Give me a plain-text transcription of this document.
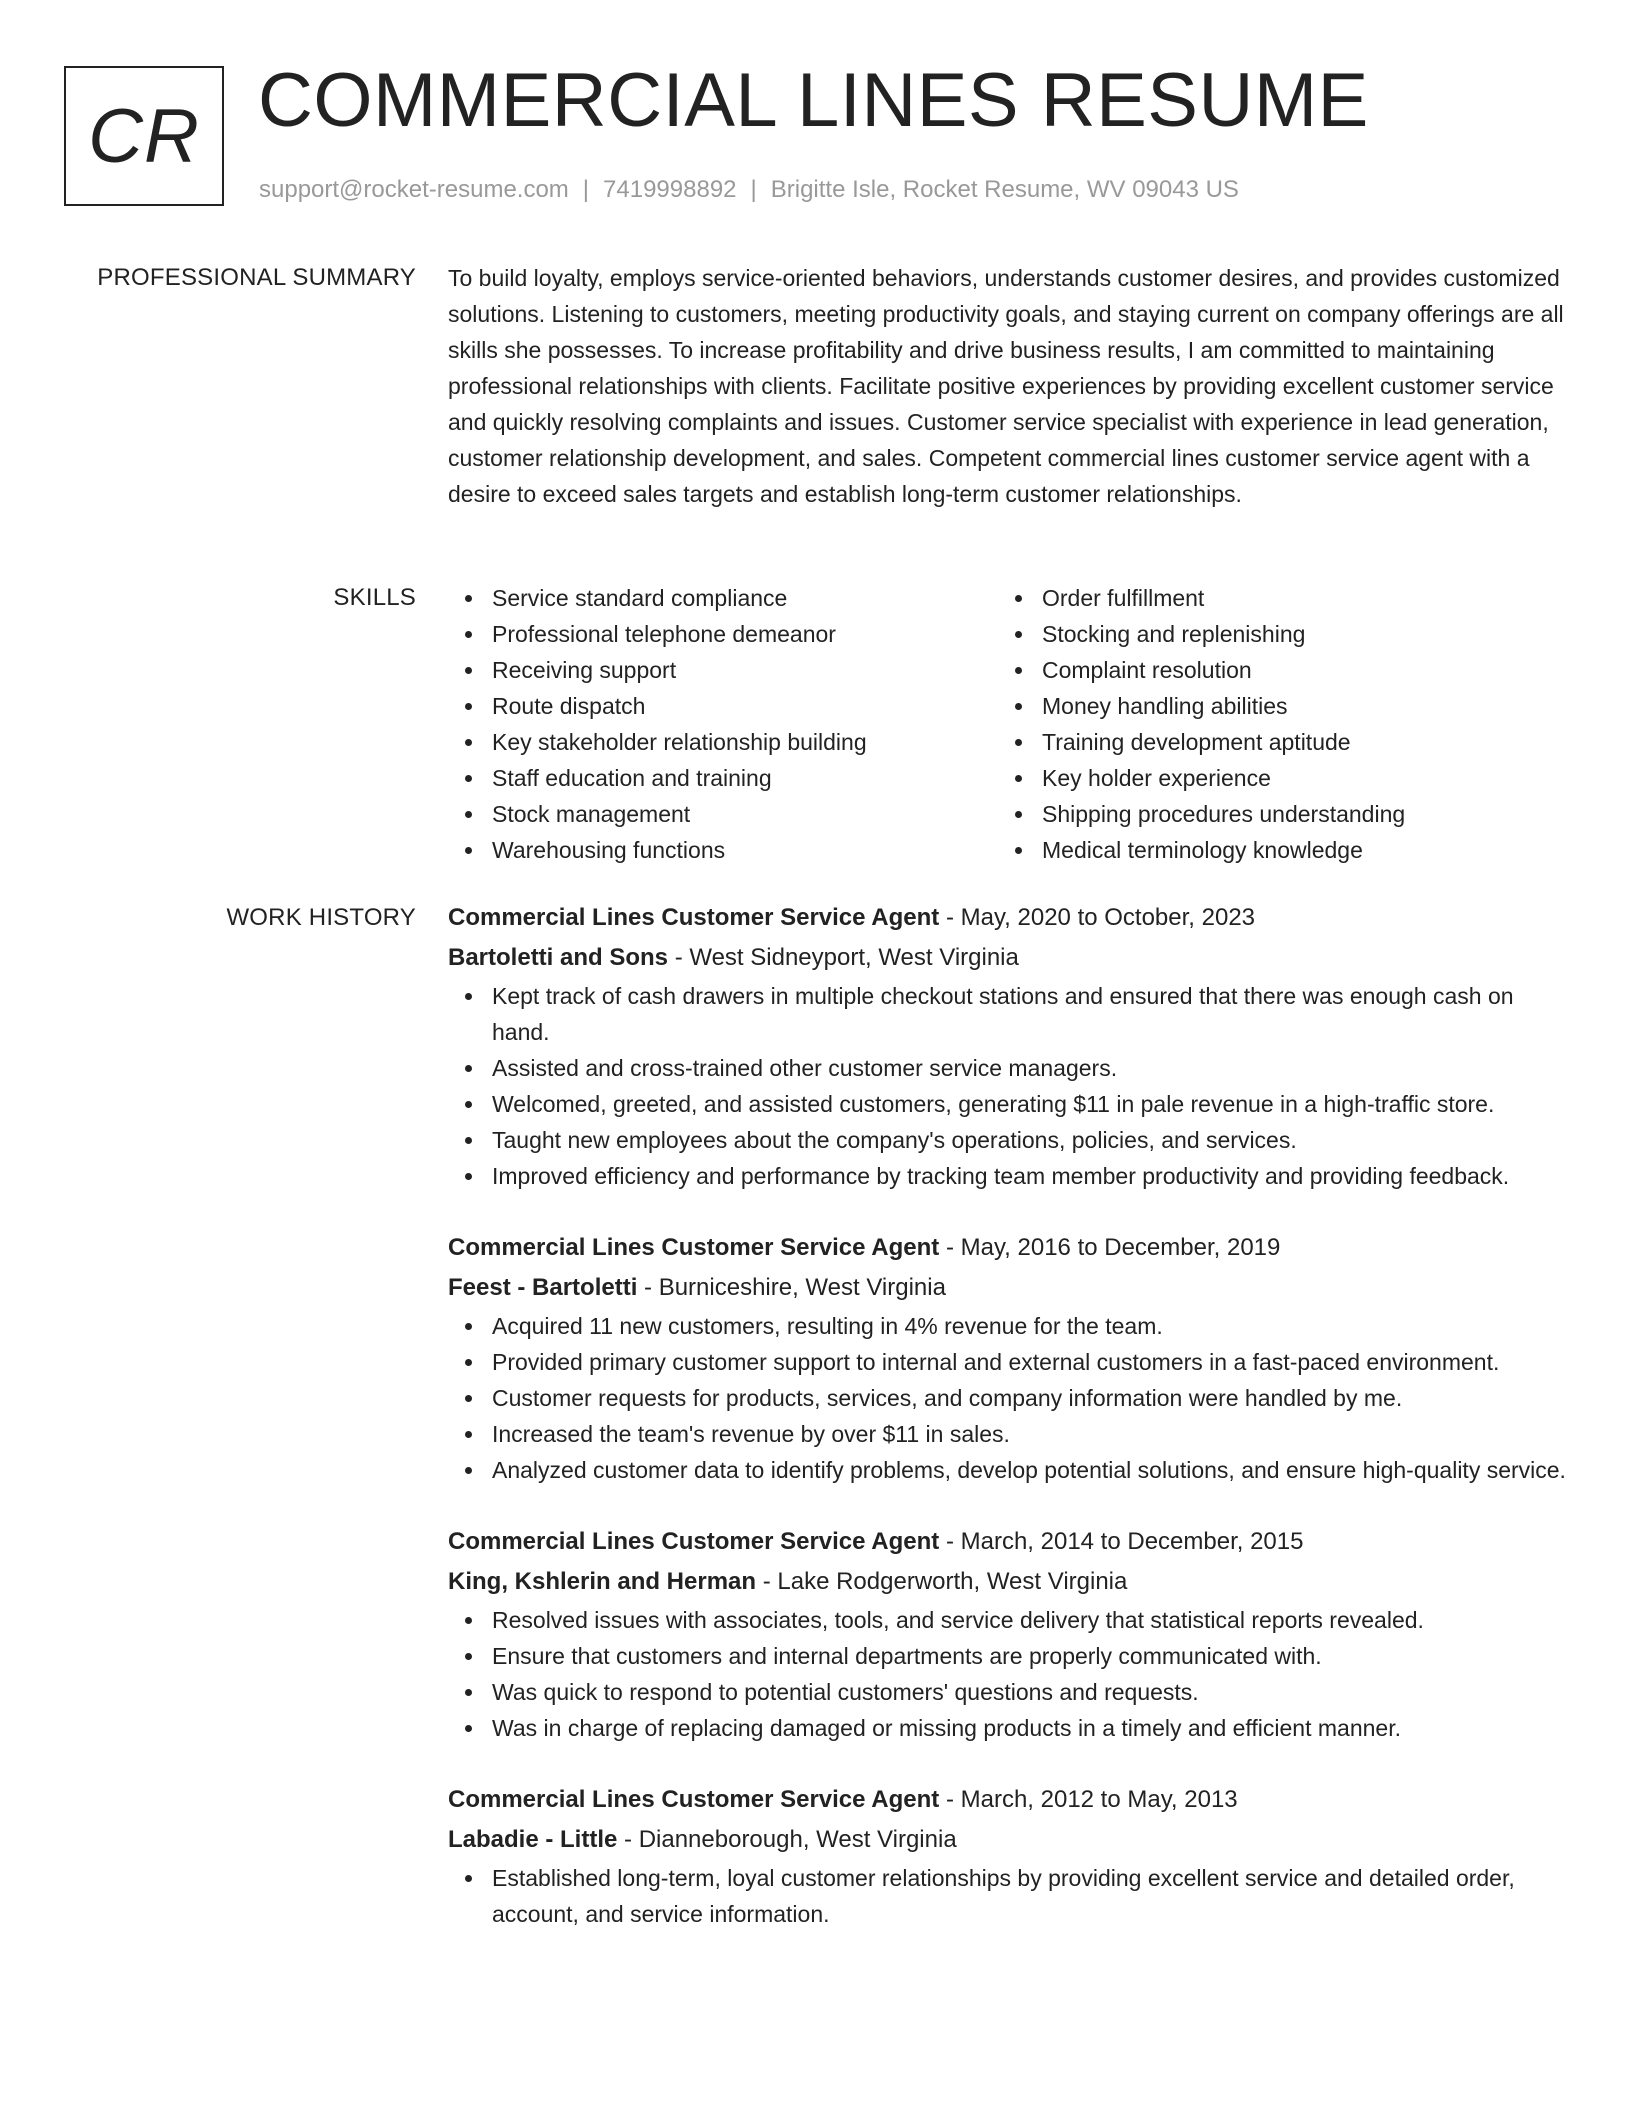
CR COMMERCIAL LINES RESUME
support@rocket-resume.com | 7419998892 | Brigitte Isle, Rocket Resume, WV 09043 US
PROFESSIONAL SUMMARY To build loyalty, employs service-oriented behaviors, understands customer desires, and provides customized solutions. Listening to customers, meeting productivity goals, and staying current on company offerings are all skills she possesses. To increase profitability and drive business results, I am committed to maintaining professional relationships with clients. Facilitate positive experiences by providing excellent customer service and quickly resolving complaints and issues. Customer service specialist with experience in lead generation, customer relationship development, and sales. Competent commercial lines customer service agent with a desire to exceed sales targets and establish long-term customer relationships.

SKILLS	Service standard compliance
Professional telephone demeanor
Receiving support
Route dispatch
Key stakeholder relationship building
Staff education and training
Stock management
Warehousing functions
Order fulfillment
Stocking and replenishing
Complaint resolution
Money handling abilities
Training development aptitude
Key holder experience
Shipping procedures understanding
Medical terminology knowledge
WORK HISTORY Commercial Lines Customer Service Agent - May, 2020 to October, 2023
Bartoletti and Sons - West Sidneyport, West Virginia
Kept track of cash drawers in multiple checkout stations and ensured that there was enough cash on hand.
Assisted and cross-trained other customer service managers.
Welcomed, greeted, and assisted customers, generating $11 in pale revenue in a high-traffic store.
Taught new employees about the company's operations, policies, and services.
Improved efficiency and performance by tracking team member productivity and providing feedback.
Commercial Lines Customer Service Agent - May, 2016 to December, 2019
Feest - Bartoletti - Burniceshire, West Virginia
Acquired 11 new customers, resulting in 4% revenue for the team.
Provided primary customer support to internal and external customers in a fast-paced environment.
Customer requests for products, services, and company information were handled by me.
Increased the team's revenue by over $11 in sales.
Analyzed customer data to identify problems, develop potential solutions, and ensure high-quality service.
Commercial Lines Customer Service Agent - March, 2014 to December, 2015
King, Kshlerin and Herman - Lake Rodgerworth, West Virginia
Resolved issues with associates, tools, and service delivery that statistical reports revealed.
Ensure that customers and internal departments are properly communicated with.
Was quick to respond to potential customers' questions and requests.
Was in charge of replacing damaged or missing products in a timely and efficient manner.
Commercial Lines Customer Service Agent - March, 2012 to May, 2013
Labadie - Little - Dianneborough, West Virginia
Established long-term, loyal customer relationships by providing excellent service and detailed order, account, and service information.
